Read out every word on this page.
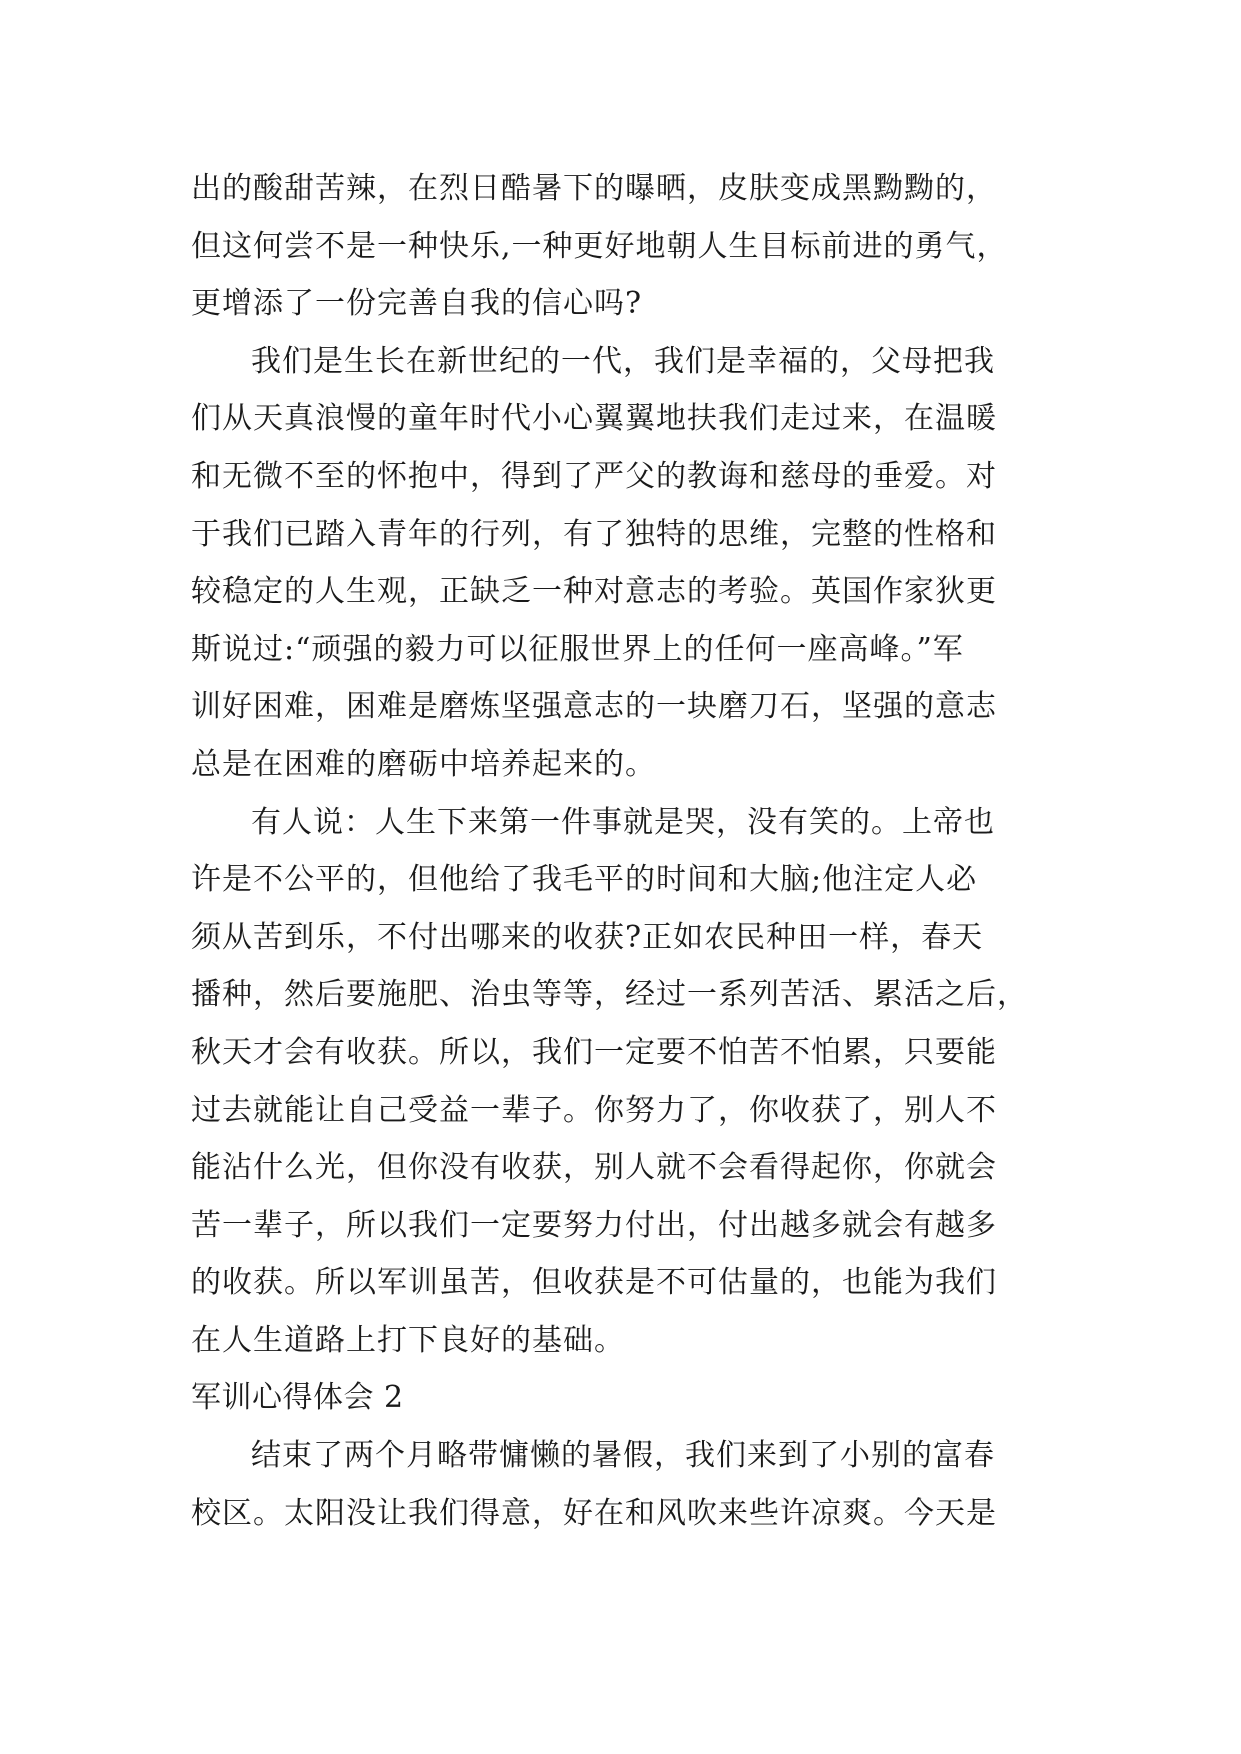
出的酸甜苦辣，在烈日酷暑下的曝晒，皮肤变成黑黝黝的，
但这何尝不是一种快乐,一种更好地朝人生目标前进的勇气，
更增添了一份完善自我的信心吗?
我们是生长在新世纪的一代，我们是幸福的，父母把我
们从天真浪慢的童年时代小心翼翼地扶我们走过来，在温暖
和无微不至的怀抱中，得到了严父的教诲和慈母的垂爱。对
于我们已踏入青年的行列，有了独特的思维，完整的性格和
较稳定的人生观，正缺乏一种对意志的考验。英国作家狄更
斯说过:“顽强的毅力可以征服世界上的任何一座高峰。”军
训好困难，困难是磨炼坚强意志的一块磨刀石，坚强的意志
总是在困难的磨砺中培养起来的。
有人说：人生下来第一件事就是哭，没有笑的。上帝也
许是不公平的，但他给了我毛平的时间和大脑;他注定人必
须从苦到乐，不付出哪来的收获?正如农民种田一样，春天
播种，然后要施肥、治虫等等，经过一系列苦活、累活之后，
秋天才会有收获。所以，我们一定要不怕苦不怕累，只要能
过去就能让自己受益一辈子。你努力了，你收获了，别人不
能沾什么光，但你没有收获，别人就不会看得起你，你就会
苦一辈子，所以我们一定要努力付出，付出越多就会有越多
的收获。所以军训虽苦，但收获是不可估量的，也能为我们
在人生道路上打下良好的基础。
军训心得体会 2
结束了两个月略带慵懒的暑假，我们来到了小别的富春
校区。太阳没让我们得意，好在和风吹来些许凉爽。今天是
